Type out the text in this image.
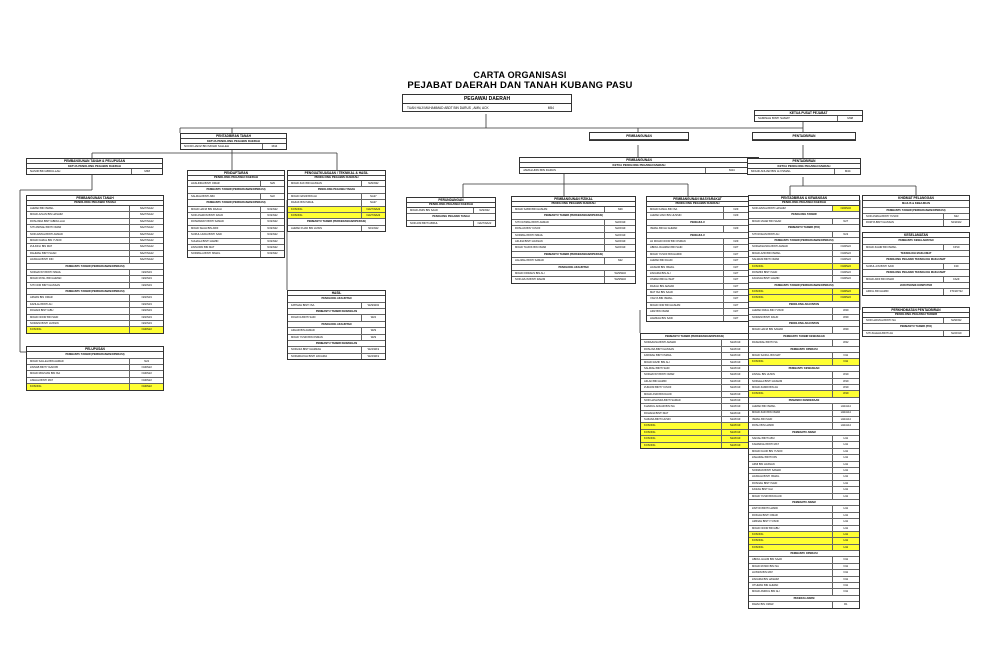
CARTA ORGANISASI
PEJABAT DAERAH DAN TANAH KUBANG PASU
PEGAWAI DAERAH
TUAN HAJI MUHAMMAD ABDT BIN DARUS , AMN, ACK	M54
KETUA PUSAT PEJABAT
SAMINAH BINTI SAMAT	M48
PENTADBIRAN TANAH
KETUA PENOLONG PEGAWAI DAERAH
NOOR HAFIZ BIN MOHD SALLEH	M44
PEMBANGUNAN	PENTADBIRAN
PEMBANGUNAN TANAH & PELUPUSAN
KETUA PENOLONG PEGAWAI DAERAH
NASIR BIN ABDULLAH	M48
PEMBANGUNAN
KETUA PENOLONG PEGAWAI DAERAH
JAMALUDIN BIN DARUS	M44
PENTADBIRAN
KETUA PENOLONG PEGAWAI DAERAH
MOHD ANUAR BIN HJ ISMAIL	M44
PEMBANGUNAN TANAH
PENOLONG PEGAWAI TANAH
AHMAD BIN ISMAIL	NA27/NA22
MOHD AZLAN BIN HASHIM	NA27/NA22
ROSLINDA BINTI ABDULLAH	NA27/NA22
SITI AMINAH BINTI OMAR	NA27/NA22
NOR AZIZAH BINTI AHMAD	NA27/NA22
MOHD FAIZAL BIN YUSOF	NA27/NA22
ZULKIFLI BIN MAT	NA27/NA22
RAHMAH BINTI SAAD	NA27/NA22
HASNAH BINTI DIN	NA27/NA22
PEMBANTU TADBIR (PERKERANIAN/OPERASI)
NORHAYATI BINTI ISMAIL	N22/N19
MOHD ROSLI BIN AHMAD	N22/N19
SITI NOR BINTI HASSAN	N22/N19
PEMBANTU TADBIR (PERKERANIAN/OPERASI)
AZMAN BIN OMAR	N22/N19
FAZILAH BINTI ALI	N22/N19
ROHANI BINTI ABU	N22/N19
MOHD NOOR BIN SAID	N22/N19
NORAINI BINTI HUSSIN	N22/N19
KOSONG	N19/N22
PELUPUSAN
PEMBANTU TADBIR (PERKERANIAN/OPERASI)
MOHD SALLEH BIN AHMAD	N22
ZAINAB BINTI YAAKOB	N19/N22
MOHD RIDZUAN BIN ISA	N19/N22
AISHAH BINTI MAT	N19/N22
KOSONG	N19/N22
PENDAFTARAN
PENOLONG PEGAWAI DAERAH
HASLINDA BINTI OMAR	N29
PEMBANTU TADBIR (PERKERANIAN/OPERASI)
SALMAH BINTI ABU	N22
PEMBANTU TADBIR (PERKERANIAN/OPERASI)
MOHD HAFIZ BIN RAZALI	N19/N22
NOR ASHIKIN BINTI DAUD	N19/N22
ROSMAWATI BINTI SAMAD	N19/N22
MOHD SHAH BIN ARIF	N19/N22
NURUL HUDA BINTI SAID	N19/N22
SUHAILA BINTI HAMID	N19/N22
ZAINUDIN BIN MAT	N19/N22
NORMALA BINTI ISMAIL	N19/N22
PENGUATKUASAAN / TEKNIKAL & HASIL
PENOLONG PEGAWAI DAERAH
MOHD ZAKI BIN HASSAN	N29/N32
PENOLONG PEGAWAI TANAH
MOHD NASIR BIN ALI	NA27
RAZAK BIN ISMAIL	NA27
KOSONG	NA27/NA22
KOSONG	NA27/NA22
PEMBANTU TADBIR (PERKERANIAN/OPERASI)
AHMAD FUAD BIN HUSIN	N19/N22
HASIL
PENOLONG AKAUNTAN
FATIMAH BINTI ISA	W29/W32
PEMBANTU TADBIR KEWANGAN
ROHAYA BINTI SAID	W22
PENOLONG AKAUNTAN
AZHAR BIN AHMAD	W29
MOHD YUSRI BIN OSMAN	W29
PEMBANTU TADBIR KEWANGAN
NORLIZA BINTI HAMZAH	W22/W19
NORHIDAYAH BINTI ZAKARIA	W22/W19
PERUNDANGAN
PENOLONG PEGAWAI DAERAH
MOHD AMIN BIN SAAD	N29/N32
PENOLONG PEGAWAI TANAH
NOR AINI BINTI ABDUL	NA27/NA22
PEMBANGUNAN FIZIKAL
PENOLONG PEGAWAI DAERAH
MOHD SABRI BIN HASHIM	N29
PEMBANTU TADBIR (PERKERANIAN/OPERASI)
SITI FATIMAH BINTI AHMAD	N22/N19
ROSLAN BIN YUSOF	N22/N19
NORMAH BINTI ISMAIL	N22/N19
AZLINA BINTI HASSAN	N22/N19
MOHD TAUFIK BIN OMAR	N22/N19
PEMBANTU TADBIR (PERKERANIAN/OPERASI)
HALIMAH BINTI SAMAD	N22
PENOLONG AKAUNTAN
MOHD FIRDAUS BIN ALI	W29/W32
NOR AZLIN BINTI RAHIM	W29/W32
PEMBANGUNAN MASYARAKAT
PENOLONG PEGAWAI DAERAH
MOHD KAMAL BIN ISA	N29
AHMAD ZAKI BIN HUSSIN	N29
PENGHULU
ISMAIL BIN HJ AHMAD	N29
PENGHULU
HJ MOHD NOOR BIN OSMAN	N29
ABDUL RAHMAN BIN SAID	N27
MOHD YUSOF BIN HAMID	N27
AHMAD BIN DAUD	N27
HASHIM BIN ISMAIL	N27
ZAKARIA BIN ALI	N27
OSMAN BIN HJ MAT	N27
RAZALI BIN AHMAD	N27
MAT ISA BIN SAAD	N27
YAHYA BIN ISMAIL	N27
MOHD NOR BIN HASHIM	N27
AZIZ BIN OMAR	N27
HAMZAH BIN SAID	N27
PEMBANTU TADBIR (PERKERANIAN/OPERASI)
NORAZLINA BINTI AHMAD	N22/N19
ROSLINA BINTI HASSAN	N22/N19
FARIDAH BINTI ISMAIL	N22/N19
MOHD RAZIF BIN ALI	N22/N19
SALMIAH BINTI SAID	N22/N19
NORHAYATI BINTI OMAR	N22/N19
AZLAN BIN HAMID	N22/N19
ZURAINI BINTI YUSOF	N22/N19
MOHD ASRI BIN DAUD	N22/N19
NOR HASLINDA BINTI SAMAD	N22/N19
KHAIRUL ANUAR BIN ISA	N22/N19
ROHANA BINTI MAT	N22/N19
SUZANA BINTI HUSIN	N22/N19
KOSONG	N22/N19
KOSONG	N22/N19
KOSONG	N22/N19
KOSONG	N22/N19
PENTADBIRAN & KEWANGAN
PENOLONG PEGAWAI DAERAH
NOR AZIZAH BINTI HASHIM	N29/N32
PENOLONG TADBIR
MOHD IZHAR BIN SAAD	N27
PEMBANTU TADBIR (P/O)
SITI ROHANI BINTI ALI	N22
PEMBANTU TADBIR (PERKERANIAN/OPERASI)
NORHASLINDA BINTI AHMAD	N19/N22
MOHD AZRI BIN ISMAIL	N19/N22
SALWANI BINTI OMAR	N19/N22
KOSONG	N19/N22
ROSMINI BINTI SAID	N19/N22
FAUZIAH BINTI HAMID	N19/N22
PEMBANTU TADBIR (PERKERANIAN/OPERASI)
KOSONG	N19/N22
KOSONG	N19/N22
PENOLONG AKAUNTAN
AHMAD RIZAL BIN YUSOF	W29
NORAINI BINTI DAUD	W29
PENOLONG AKAUNTAN
MOHD HAFIZ BIN SAMAD	W29
PEMBANTU TADBIR KEWANGAN
RASHIDAH BINTI ISA	W22
PEMBANTU OPERASI
MOHD SAIFUL BIN MAT	N11
KOSONG	N11
PEMBANTU KEWANGAN
ZAINAL BIN HUSIN	W19
NORLELA BINTI HASHIM	W19
MOHD ZAMRI BIN ALI	W19
KOSONG	W19
PEMANDU KENDERAAN
AHMAD BIN ISMAIL	H11/H14
MOHD ZAIN BIN OMAR	H11/H14
ISMAIL BIN SAID	H11/H14
ROSLI BIN HAMID	H11/H14
PEMBANTU AWAM
SAFIAH BINTI ABU	H11
KAMARIAH BINTI MAT	H11
MOHD FAUZI BIN YUSOF	H11
ZAHARAH BINTI DIN	H11
AZMI BIN HASSAN	H11
NORIZAN BINTI SAMAD	H11
HASNAH BINTI ISMAIL	H11
ROSNAH BINTI SAID	H11
FAIZAH BINTI ALI	H11
MOHD YUSRI BIN DAUD	H11
PEMBANTU AWAM
ZAITON BINTI HAMID	H11
ROKIAH BINTI OMAR	H11
AMINAH BINTI YUSOF	H11
MOHD NOOR BIN ABU	H11
KOSONG	H11
KOSONG	H11
KOSONG	H11
PEMBANTU OPERASI
ABDUL HALIM BIN SAAD	N11
MOHD ROSDI BIN ISA	N11
HUSSIN BIN MAT	N11
ZAKARIA BIN HASHIM	N11
OTHMAN BIN AHMAD	N11
MOHD AMIRUL BIN ALI	N11
PEKERJA AWAM
RAMLI BIN OMAR	R1
KHIDMAT PELANGGAN
MAJLIS & KEBAJIKAN
PEMBANTU TADBIR (PERKERANIAN/OPERASI)
NOR ASMAH BINTI YUSOF	N22
ROZITA BINTI HASSAN	N19/N22
KESELAMATAN
PEMBANTU KESELAMATAN
MOHD ZAHIR BIN ISMAIL	KP19
TEKNOLOGI MAKLUMAT
PENOLONG PEGAWAI TEKNOLOGI MAKLUMAT
NURUL AIN BINTI SAID	F29
PENOLONG PEGAWAI TEKNOLOGI MAKLUMAT
MOHD ARIF BIN OMAR	FA29
JURUTEKNIK KOMPUTER
AZRUL BIN HAMID	FT19/FT22
PERKHIDMATAN PENTADBIRAN
PENOLONG PEGAWAI TADBIR
NOR HAFIZAH BINTI ISA	N29/N32
PEMBANTU TADBIR (P/O)
SITI ZALEHA BINTI ALI	N22/N19
